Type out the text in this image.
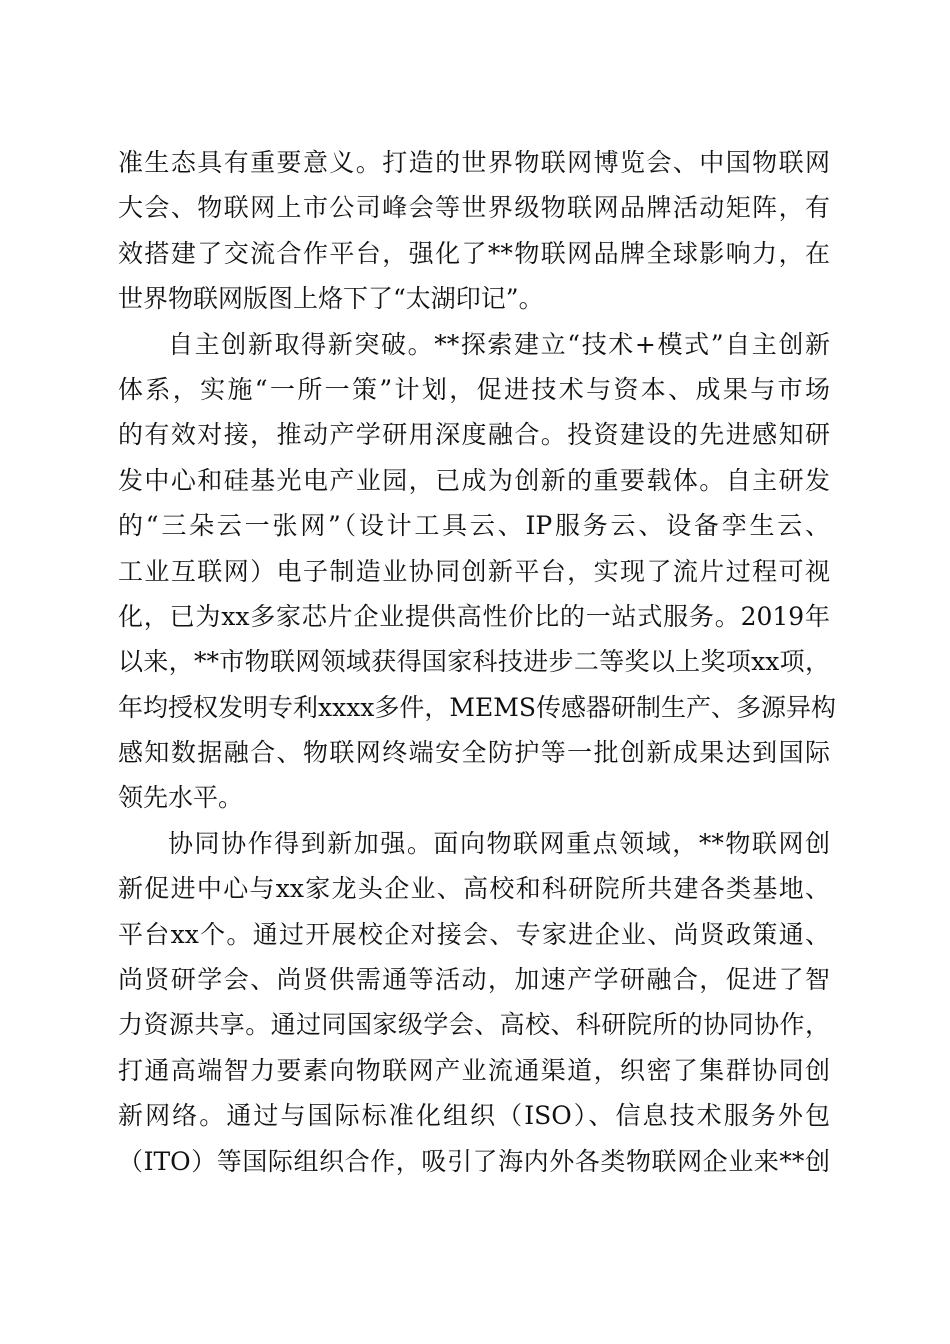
准生态具有重要意义。打造的世界物联网博览会、中国物联网
大会、物联网上市公司峰会等世界级物联网品牌活动矩阵，有
效搭建了交流合作平台，强化了**物联网品牌全球影响力，在
世界物联网版图上烙下了“太湖印记”。
自主创新取得新突破。**探索建立“技术+模式”自主创新
体系，实施“一所一策”计划，促进技术与资本、成果与市场
的有效对接，推动产学研用深度融合。投资建设的先进感知研
发中心和硅基光电产业园，已成为创新的重要载体。自主研发
的“三朵云一张网”（设计工具云、IP服务云、设备孪生云、
工业互联网）电子制造业协同创新平台，实现了流片过程可视
化，已为xx多家芯片企业提供高性价比的一站式服务。2019年
以来，**市物联网领域获得国家科技进步二等奖以上奖项xx项，
年均授权发明专利xxxx多件，MEMS传感器研制生产、多源异构
感知数据融合、物联网终端安全防护等一批创新成果达到国际
领先水平。
协同协作得到新加强。面向物联网重点领域，**物联网创
新促进中心与xx家龙头企业、高校和科研院所共建各类基地、
平台xx个。通过开展校企对接会、专家进企业、尚贤政策通、
尚贤研学会、尚贤供需通等活动，加速产学研融合，促进了智
力资源共享。通过同国家级学会、高校、科研院所的协同协作，
打通高端智力要素向物联网产业流通渠道，织密了集群协同创
新网络。通过与国际标准化组织（ISO）、信息技术服务外包
（ITO）等国际组织合作，吸引了海内外各类物联网企业来**创
